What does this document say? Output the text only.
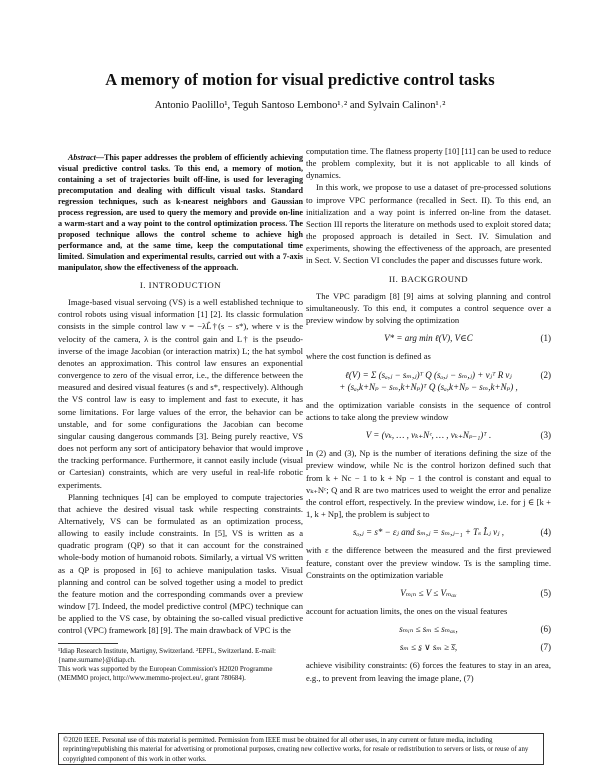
A memory of motion for visual predictive control tasks
Antonio Paolillo¹, Teguh Santoso Lembono¹˒² and Sylvain Calinon¹˒²

Abstract—This paper addresses the problem of efficiently achieving visual predictive control tasks. To this end, a memory of motion, containing a set of trajectories built off-line, is used for leveraging precomputation and dealing with difficult visual tasks. Standard regression techniques, such as k-nearest neighbors and Gaussian process regression, are used to query the memory and provide on-line a warm-start and a way point to the control optimization process. The proposed technique allows the control scheme to achieve high performance and, at the same time, keep the computational time limited. Simulation and experimental results, carried out with a 7-axis manipulator, show the effectiveness of the approach.

I. INTRODUCTION

Image-based visual servoing (VS) is a well established technique to control robots using visual information [1] [2]. Its classic formulation consists in the simple control law v = −λL̂†(s − s*), where v is the velocity of the camera, λ is the control gain and L† is the pseudo-inverse of the image Jacobian (or interaction matrix) L; the hat symbol denotes an approximation. This control law ensures an exponential convergence to zero of the visual error, i.e., the difference between the measured and desired visual features (s and s*, respectively). Although the VS control law is easy to implement and fast to execute, it has some limitations. For large values of the error, the behavior can be unstable, and for some configurations the Jacobian can become singular causing dangerous commands [3]. Being purely reactive, VS does not perform any sort of anticipatory behavior that would improve the tracking performance. Furthermore, it cannot easily include (visual or Cartesian) constraints, which are very useful in real-life robotic experiments.

Planning techniques [4] can be employed to compute trajectories that achieve the desired visual task while respecting constraints. Alternatively, VS can be formulated as an optimization process, allowing to easily include constraints. In [5], VS is written as a quadratic program (QP) so that it can account for the constrained whole-body motion of humanoid robots. Similarly, a virtual VS written as a QP is proposed in [6] to achieve manipulation tasks. Visual planning and control can be solved together using a model to predict the feature motion and the corresponding commands over a preview window [7]. Indeed, the model predictive control (MPC) technique can be applied to the VS case, by obtaining the so-called visual predictive control (VPC) framework [8] [9]. The main drawback of VPC is the

¹Idiap Research Institute, Martigny, Switzerland. ²EPFL, Switzerland. E-mail: {name.surname}@idiap.ch.

This work was supported by the European Commission's H2020 Programme (MEMMO project, http://www.memmo-project.eu/, grant 780684).

computation time. The flatness property [10] [11] can be used to reduce the problem complexity, but it is not applicable to all kinds of dynamics.

In this work, we propose to use a dataset of pre-processed solutions to improve VPC performance (recalled in Sect. II). To this end, an initialization and a way point is inferred on-line from the dataset. Section III reports the literature on methods used to exploit stored data; the proposed approach is detailed in Sect. IV. Simulation and experiments, showing the effectiveness of the approach, are presented in Sect. V. Section VI concludes the paper and discusses future work.

II. BACKGROUND

The VPC paradigm [8] [9] aims at solving planning and control simultaneously. To this end, it computes a control sequence over a preview window by solving the optimization

V* = arg min ℓ(V), V∈C	(1)

where the cost function is defined as

ℓ(V) = Σ (sₐ,ⱼ − sₘ,ⱼ)ᵀ Q (sₐ,ⱼ − sₘ,ⱼ) + vⱼᵀ R vⱼ
+ (sₐ,k+Nₚ − sₘ,k+Nₚ)ᵀ Q (sₐ,k+Nₚ − sₘ,k+Nₚ) ,
(2)

and the optimization variable consists in the sequence of control actions to take along the preview window

V = (vₖ, … , vₖ₊Nᶜ, … , vₖ₊Nₚ₋₁)ᵀ .	(3)

In (2) and (3), Np is the number of iterations defining the size of the preview window, while Nc is the control horizon defined such that from k + Nc − 1 to k + Np − 1 the control is constant and equal to vₖ₊Nᶜ; Q and R are two matrices used to weight the error and penalize the control effort, respectively. In the preview window, i.e. for j ∈ [k + 1, k + Np], the problem is subject to

sₐ,ⱼ = s* − εⱼ and sₘ,ⱼ = sₘ,ⱼ₋₁ + Tₛ L̂ⱼ vⱼ ,	(4)

with ε the difference between the measured and the first previewed feature, constant over the preview window. Ts is the sampling time. Constraints on the optimization variable

Vₘᵢₙ ≤ V ≤ Vₘₐₓ	(5)

account for actuation limits, the ones on the visual features

sₘᵢₙ ≤ sₘ ≤ sₘₐₓ,	(6)
sₘ ≤ s̱ ∨ sₘ ≥ s̅,	(7)

achieve visibility constraints: (6) forces the features to stay in an area, e.g., to prevent from leaving the image plane, (7)

©2020 IEEE. Personal use of this material is permitted. Permission from IEEE must be obtained for all other uses, in any current or future media, including reprinting/republishing this material for advertising or promotional purposes, creating new collective works, for resale or redistribution to servers or lists, or reuse of any copyrighted component of this work in other works.
